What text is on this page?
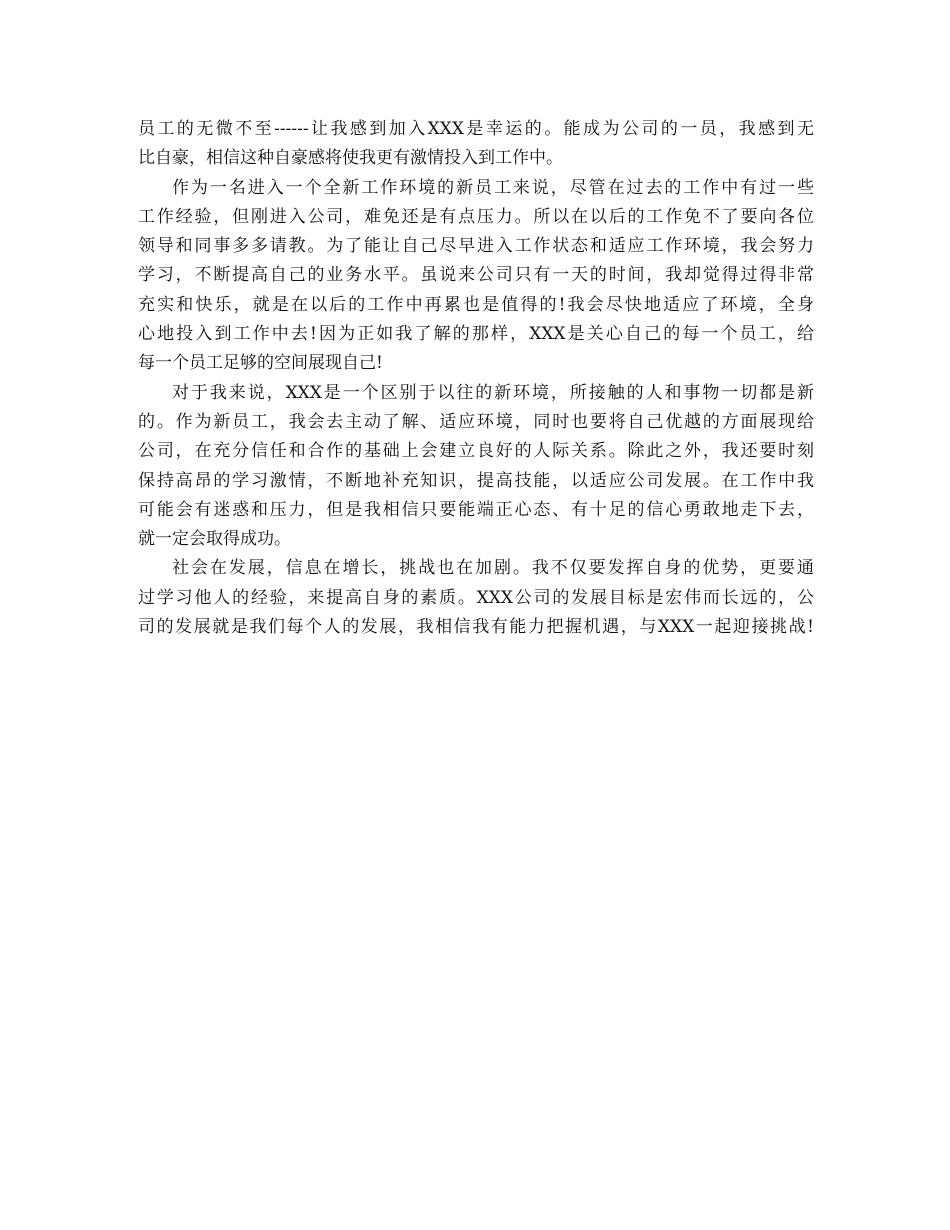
员工的无微不至------让我感到加入XXX是幸运的。能成为公司的一员，我感到无
比自豪，相信这种自豪感将使我更有激情投入到工作中。
作为一名进入一个全新工作环境的新员工来说，尽管在过去的工作中有过一些
工作经验，但刚进入公司，难免还是有点压力。所以在以后的工作免不了要向各位
领导和同事多多请教。为了能让自己尽早进入工作状态和适应工作环境，我会努力
学习，不断提高自己的业务水平。虽说来公司只有一天的时间，我却觉得过得非常
充实和快乐，就是在以后的工作中再累也是值得的!我会尽快地适应了环境，全身
心地投入到工作中去!因为正如我了解的那样，XXX是关心自己的每一个员工，给
每一个员工足够的空间展现自己!
对于我来说，XXX是一个区别于以往的新环境，所接触的人和事物一切都是新
的。作为新员工，我会去主动了解、适应环境，同时也要将自己优越的方面展现给
公司，在充分信任和合作的基础上会建立良好的人际关系。除此之外，我还要时刻
保持高昂的学习激情，不断地补充知识，提高技能，以适应公司发展。在工作中我
可能会有迷惑和压力，但是我相信只要能端正心态、有十足的信心勇敢地走下去，
就一定会取得成功。
社会在发展，信息在增长，挑战也在加剧。我不仅要发挥自身的优势，更要通
过学习他人的经验，来提高自身的素质。XXX公司的发展目标是宏伟而长远的，公
司的发展就是我们每个人的发展，我相信我有能力把握机遇，与XXX一起迎接挑战!
